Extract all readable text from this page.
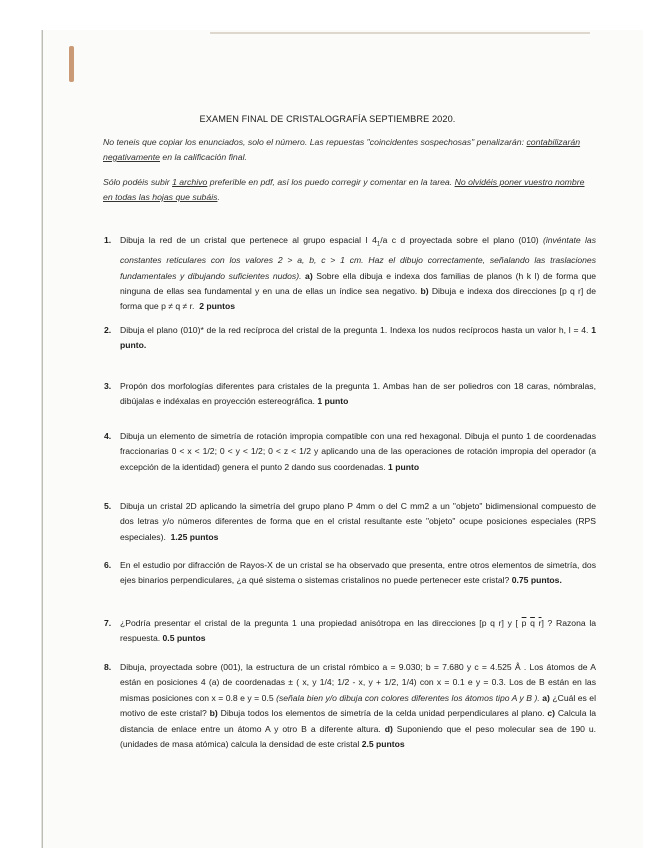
EXAMEN FINAL DE CRISTALOGRAFÍA SEPTIEMBRE 2020.
No teneis que copiar los enunciados, solo el número. Las repuestas "coincidentes sospechosas" penalizarán: contabilizarán negativamente en la calificación final.
Sólo podéis subir 1 archivo preferible en pdf, así los puedo corregir y comentar en la tarea. No olvidéis poner vuestro nombre en todas las hojas que subáis.
1. Dibuja la red de un cristal que pertenece al grupo espacial I $4_1/a$ c d proyectada sobre el plano (010) (invéntate las constantes reticulares con los valores 2 > a, b, c > 1 cm. Haz el dibujo correctamente, señalando las traslaciones fundamentales y dibujando suficientes nudos). a) Sobre ella dibuja e indexa dos familias de planos (h k l) de forma que ninguna de ellas sea fundamental y en una de ellas un índice sea negativo. b) Dibuja e indexa dos direcciones [p q r] de forma que p ≠ q ≠ r. 2 puntos
2. Dibuja el plano (010)* de la red recíproca del cristal de la pregunta 1. Indexa los nudos recíprocos hasta un valor h, l = 4. 1 punto.
3. Propón dos morfologías diferentes para cristales de la pregunta 1. Ambas han de ser poliedros con 18 caras, nómbralas, dibújalas e indéxalas en proyección estereográfica. 1 punto
4. Dibuja un elemento de simetría de rotación impropia compatible con una red hexagonal. Dibuja el punto 1 de coordenadas fraccionarias 0 < x < 1/2; 0 < y < 1/2; 0 < z < 1/2 y aplicando una de las operaciones de rotación impropia del operador (a excepción de la identidad) genera el punto 2 dando sus coordenadas. 1 punto
5. Dibuja un cristal 2D aplicando la simetría del grupo plano P 4mm o del C mm2 a un "objeto" bidimensional compuesto de dos letras y/o números diferentes de forma que en el cristal resultante este "objeto" ocupe posiciones especiales (RPS especiales). 1.25 puntos
6. En el estudio por difracción de Rayos-X de un cristal se ha observado que presenta, entre otros elementos de simetría, dos ejes binarios perpendiculares, ¿a qué sistema o sistemas cristalinos no puede pertenecer este cristal? 0.75 puntos.
7. ¿Podría presentar el cristal de la pregunta 1 una propiedad anisótropa en las direcciones [p q r] y [ $\overline{p}$ $\overline{q}$ $\overline{r}$] ? Razona la respuesta. 0.5 puntos
8. Dibuja, proyectada sobre (001), la estructura de un cristal rómbico a = 9.030; b = 7.680 y c = 4.525 Å . Los átomos de A están en posiciones 4 (a) de coordenadas ± ( x, y 1/4; 1/2 - x, y + 1/2, 1/4) con x = 0.1 e y = 0.3. Los de B están en las mismas posiciones con x = 0.8 e y = 0.5 (señala bien y/o dibuja con colores diferentes los átomos tipo A y B ). a) ¿Cuál es el motivo de este cristal? b) Dibuja todos los elementos de simetría de la celda unidad perpendiculares al plano. c) Calcula la distancia de enlace entre un átomo A y otro B a diferente altura. d) Suponiendo que el peso molecular sea de 190 u. (unidades de masa atómica) calcula la densidad de este cristal 2.5 puntos
